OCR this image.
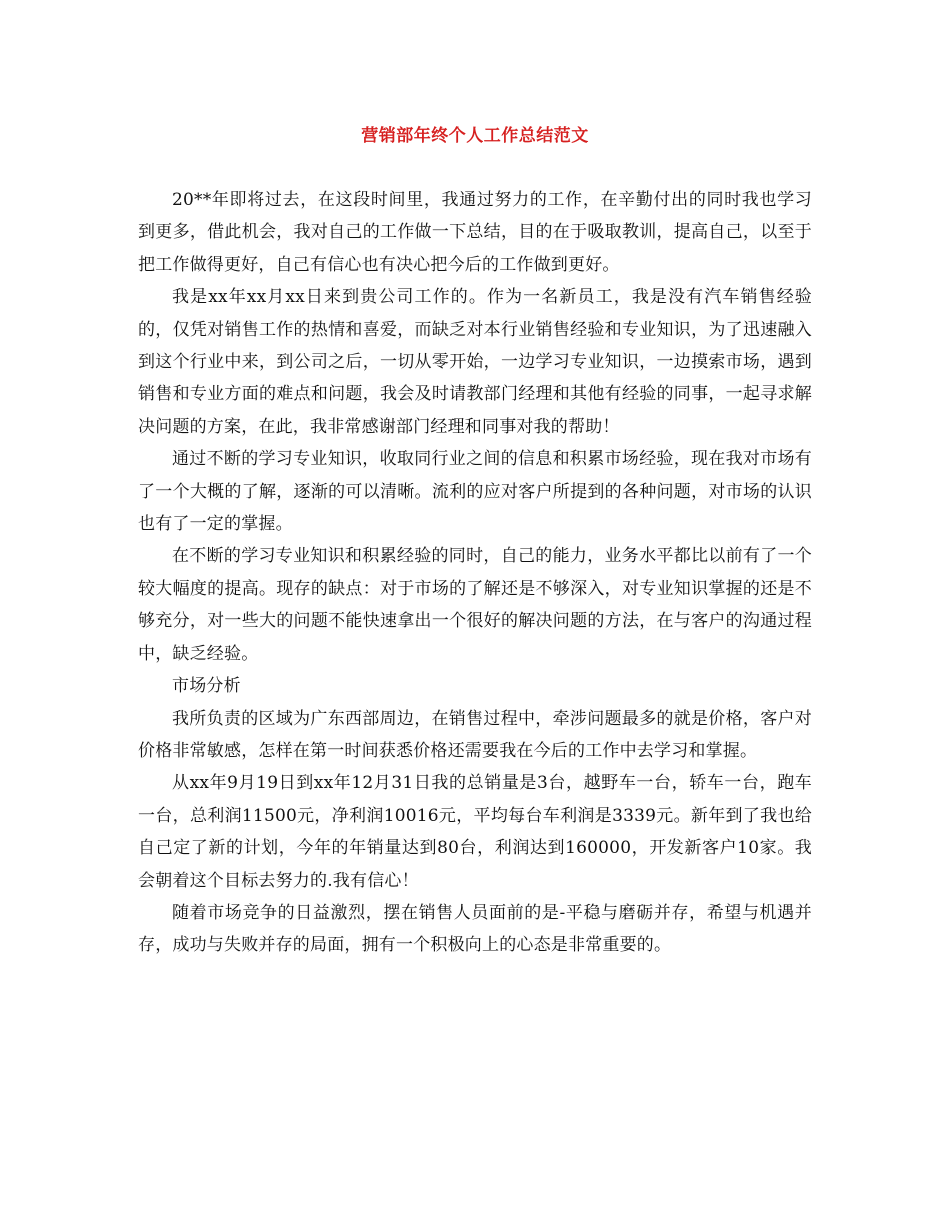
营销部年终个人工作总结范文

20**年即将过去，在这段时间里，我通过努力的工作，在辛勤付出的同时我也学习到更多，借此机会，我对自己的工作做一下总结，目的在于吸取教训，提高自己，以至于把工作做得更好，自己有信心也有决心把今后的工作做到更好。

我是xx年xx月xx日来到贵公司工作的。作为一名新员工，我是没有汽车销售经验的，仅凭对销售工作的热情和喜爱，而缺乏对本行业销售经验和专业知识，为了迅速融入到这个行业中来，到公司之后，一切从零开始，一边学习专业知识，一边摸索市场，遇到销售和专业方面的难点和问题，我会及时请教部门经理和其他有经验的同事，一起寻求解决问题的方案，在此，我非常感谢部门经理和同事对我的帮助！

通过不断的学习专业知识，收取同行业之间的信息和积累市场经验，现在我对市场有了一个大概的了解，逐渐的可以清晰。流利的应对客户所提到的各种问题，对市场的认识也有了一定的掌握。

在不断的学习专业知识和积累经验的同时，自己的能力，业务水平都比以前有了一个较大幅度的提高。现存的缺点：对于市场的了解还是不够深入，对专业知识掌握的还是不够充分，对一些大的问题不能快速拿出一个很好的解决问题的方法，在与客户的沟通过程中，缺乏经验。

市场分析

我所负责的区域为广东西部周边，在销售过程中，牵涉问题最多的就是价格，客户对价格非常敏感，怎样在第一时间获悉价格还需要我在今后的工作中去学习和掌握。

从xx年9月19日到xx年12月31日我的总销量是3台，越野车一台，轿车一台，跑车一台，总利润11500元，净利润10016元，平均每台车利润是3339元。新年到了我也给自己定了新的计划，今年的年销量达到80台，利润达到160000，开发新客户10家。我会朝着这个目标去努力的.我有信心！

随着市场竞争的日益激烈，摆在销售人员面前的是-平稳与磨砺并存，希望与机遇并存，成功与失败并存的局面，拥有一个积极向上的心态是非常重要的。
